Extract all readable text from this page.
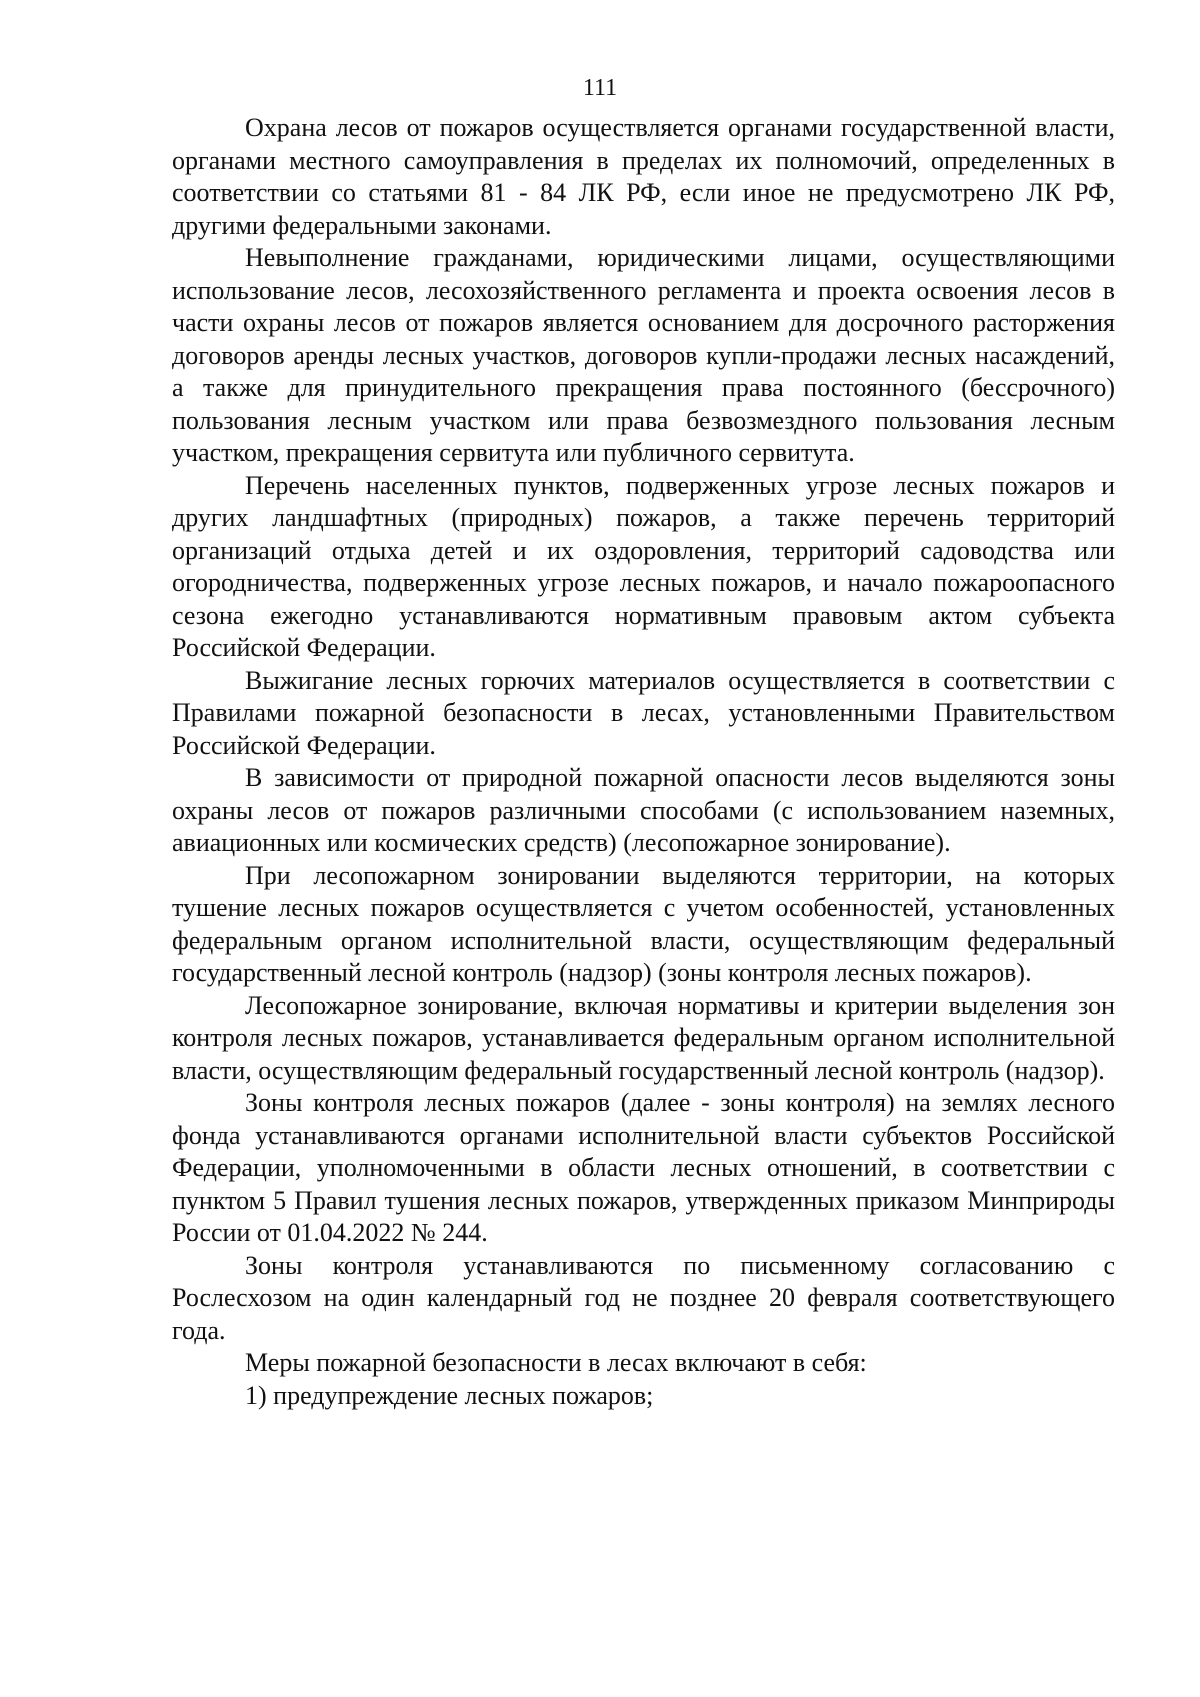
111

Охрана лесов от пожаров осуществляется органами государственной власти, органами местного самоуправления в пределах их полномочий, определенных в соответствии со статьями 81 - 84 ЛК РФ, если иное не предусмотрено ЛК РФ, другими федеральными законами.

Невыполнение гражданами, юридическими лицами, осуществляющими использование лесов, лесохозяйственного регламента и проекта освоения лесов в части охраны лесов от пожаров является основанием для досрочного расторжения договоров аренды лесных участков, договоров купли-продажи лесных насаждений, а также для принудительного прекращения права постоянного (бессрочного) пользования лесным участком или права безвозмездного пользования лесным участком, прекращения сервитута или публичного сервитута.

Перечень населенных пунктов, подверженных угрозе лесных пожаров и других ландшафтных (природных) пожаров, а также перечень территорий организаций отдыха детей и их оздоровления, территорий садоводства или огородничества, подверженных угрозе лесных пожаров, и начало пожароопасного сезона ежегодно устанавливаются нормативным правовым актом субъекта Российской Федерации.

Выжигание лесных горючих материалов осуществляется в соответствии с Правилами пожарной безопасности в лесах, установленными Правительством Российской Федерации.

В зависимости от природной пожарной опасности лесов выделяются зоны охраны лесов от пожаров различными способами (с использованием наземных, авиационных или космических средств) (лесопожарное зонирование).

При лесопожарном зонировании выделяются территории, на которых тушение лесных пожаров осуществляется с учетом особенностей, установленных федеральным органом исполнительной власти, осуществляющим федеральный государственный лесной контроль (надзор) (зоны контроля лесных пожаров).

Лесопожарное зонирование, включая нормативы и критерии выделения зон контроля лесных пожаров, устанавливается федеральным органом исполнительной власти, осуществляющим федеральный государственный лесной контроль (надзор).

Зоны контроля лесных пожаров (далее - зоны контроля) на землях лесного фонда устанавливаются органами исполнительной власти субъектов Российской Федерации, уполномоченными в области лесных отношений, в соответствии с пунктом 5 Правил тушения лесных пожаров, утвержденных приказом Минприроды России от 01.04.2022 № 244.

Зоны контроля устанавливаются по письменному согласованию с Рослесхозом на один календарный год не позднее 20 февраля соответствующего года.

Меры пожарной безопасности в лесах включают в себя:

1) предупреждение лесных пожаров;
